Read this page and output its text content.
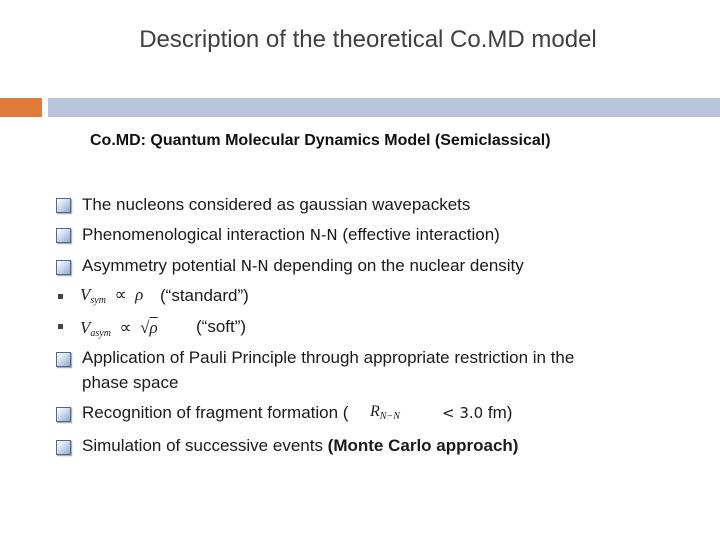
Description of the theoretical Co.MD model
Co.MD: Quantum Molecular Dynamics Model (Semiclassical)
The nucleons considered as gaussian wavepackets
Phenomenological interaction N-N (effective interaction)
Asymmetry potential N-N depending on the nuclear density
$V_{sym} \propto \rho$ (“standard”)
$V_{asym} \propto √\rho$ (“soft”)
Application of Pauli Principle through appropriate restriction in the
phase space
Recognition of fragment formation ( $R_{N-N}$	< 3.0 fm)
Simulation of successive events (Monte Carlo approach)
